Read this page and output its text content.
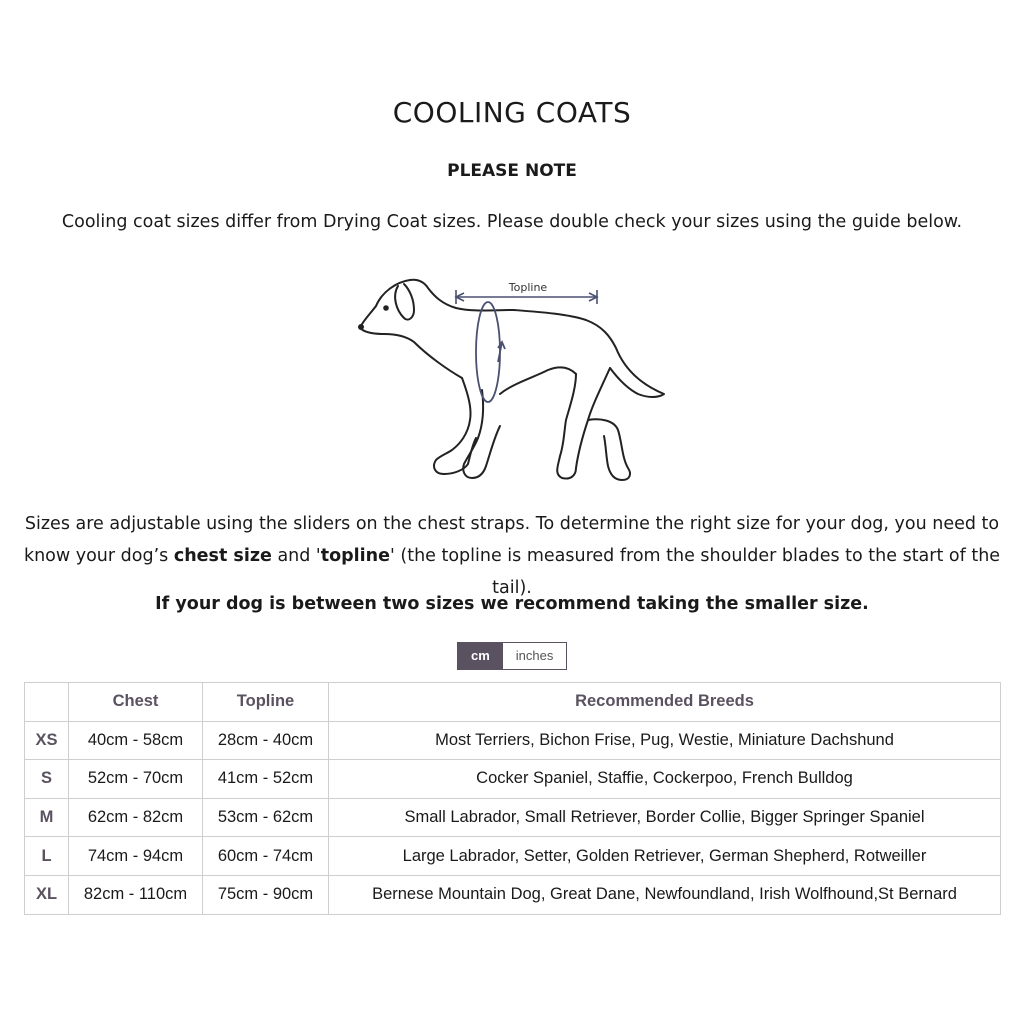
COOLING COATS
PLEASE NOTE
Cooling coat sizes differ from Drying Coat sizes. Please double check your sizes using the guide below.
Topline
Sizes are adjustable using the sliders on the chest straps. To determine the right size for your dog, you need to know your dog’s chest size and 'topline' (the topline is measured from the shoulder blades to the start of the tail).
If your dog is between two sizes we recommend taking the smaller size.
cm	inches
	Chest	Topline	Recommended Breeds
XS	40cm - 58cm	28cm - 40cm	Most Terriers, Bichon Frise, Pug, Westie, Miniature Dachshund
S	52cm - 70cm	41cm - 52cm	Cocker Spaniel, Staffie, Cockerpoo, French Bulldog
M	62cm - 82cm	53cm - 62cm	Small Labrador, Small Retriever, Border Collie, Bigger Springer Spaniel
L	74cm - 94cm	60cm - 74cm	Large Labrador, Setter, Golden Retriever, German Shepherd, Rotweiller
XL	82cm - 110cm	75cm - 90cm	Bernese Mountain Dog, Great Dane, Newfoundland, Irish Wolfhound,St Bernard
